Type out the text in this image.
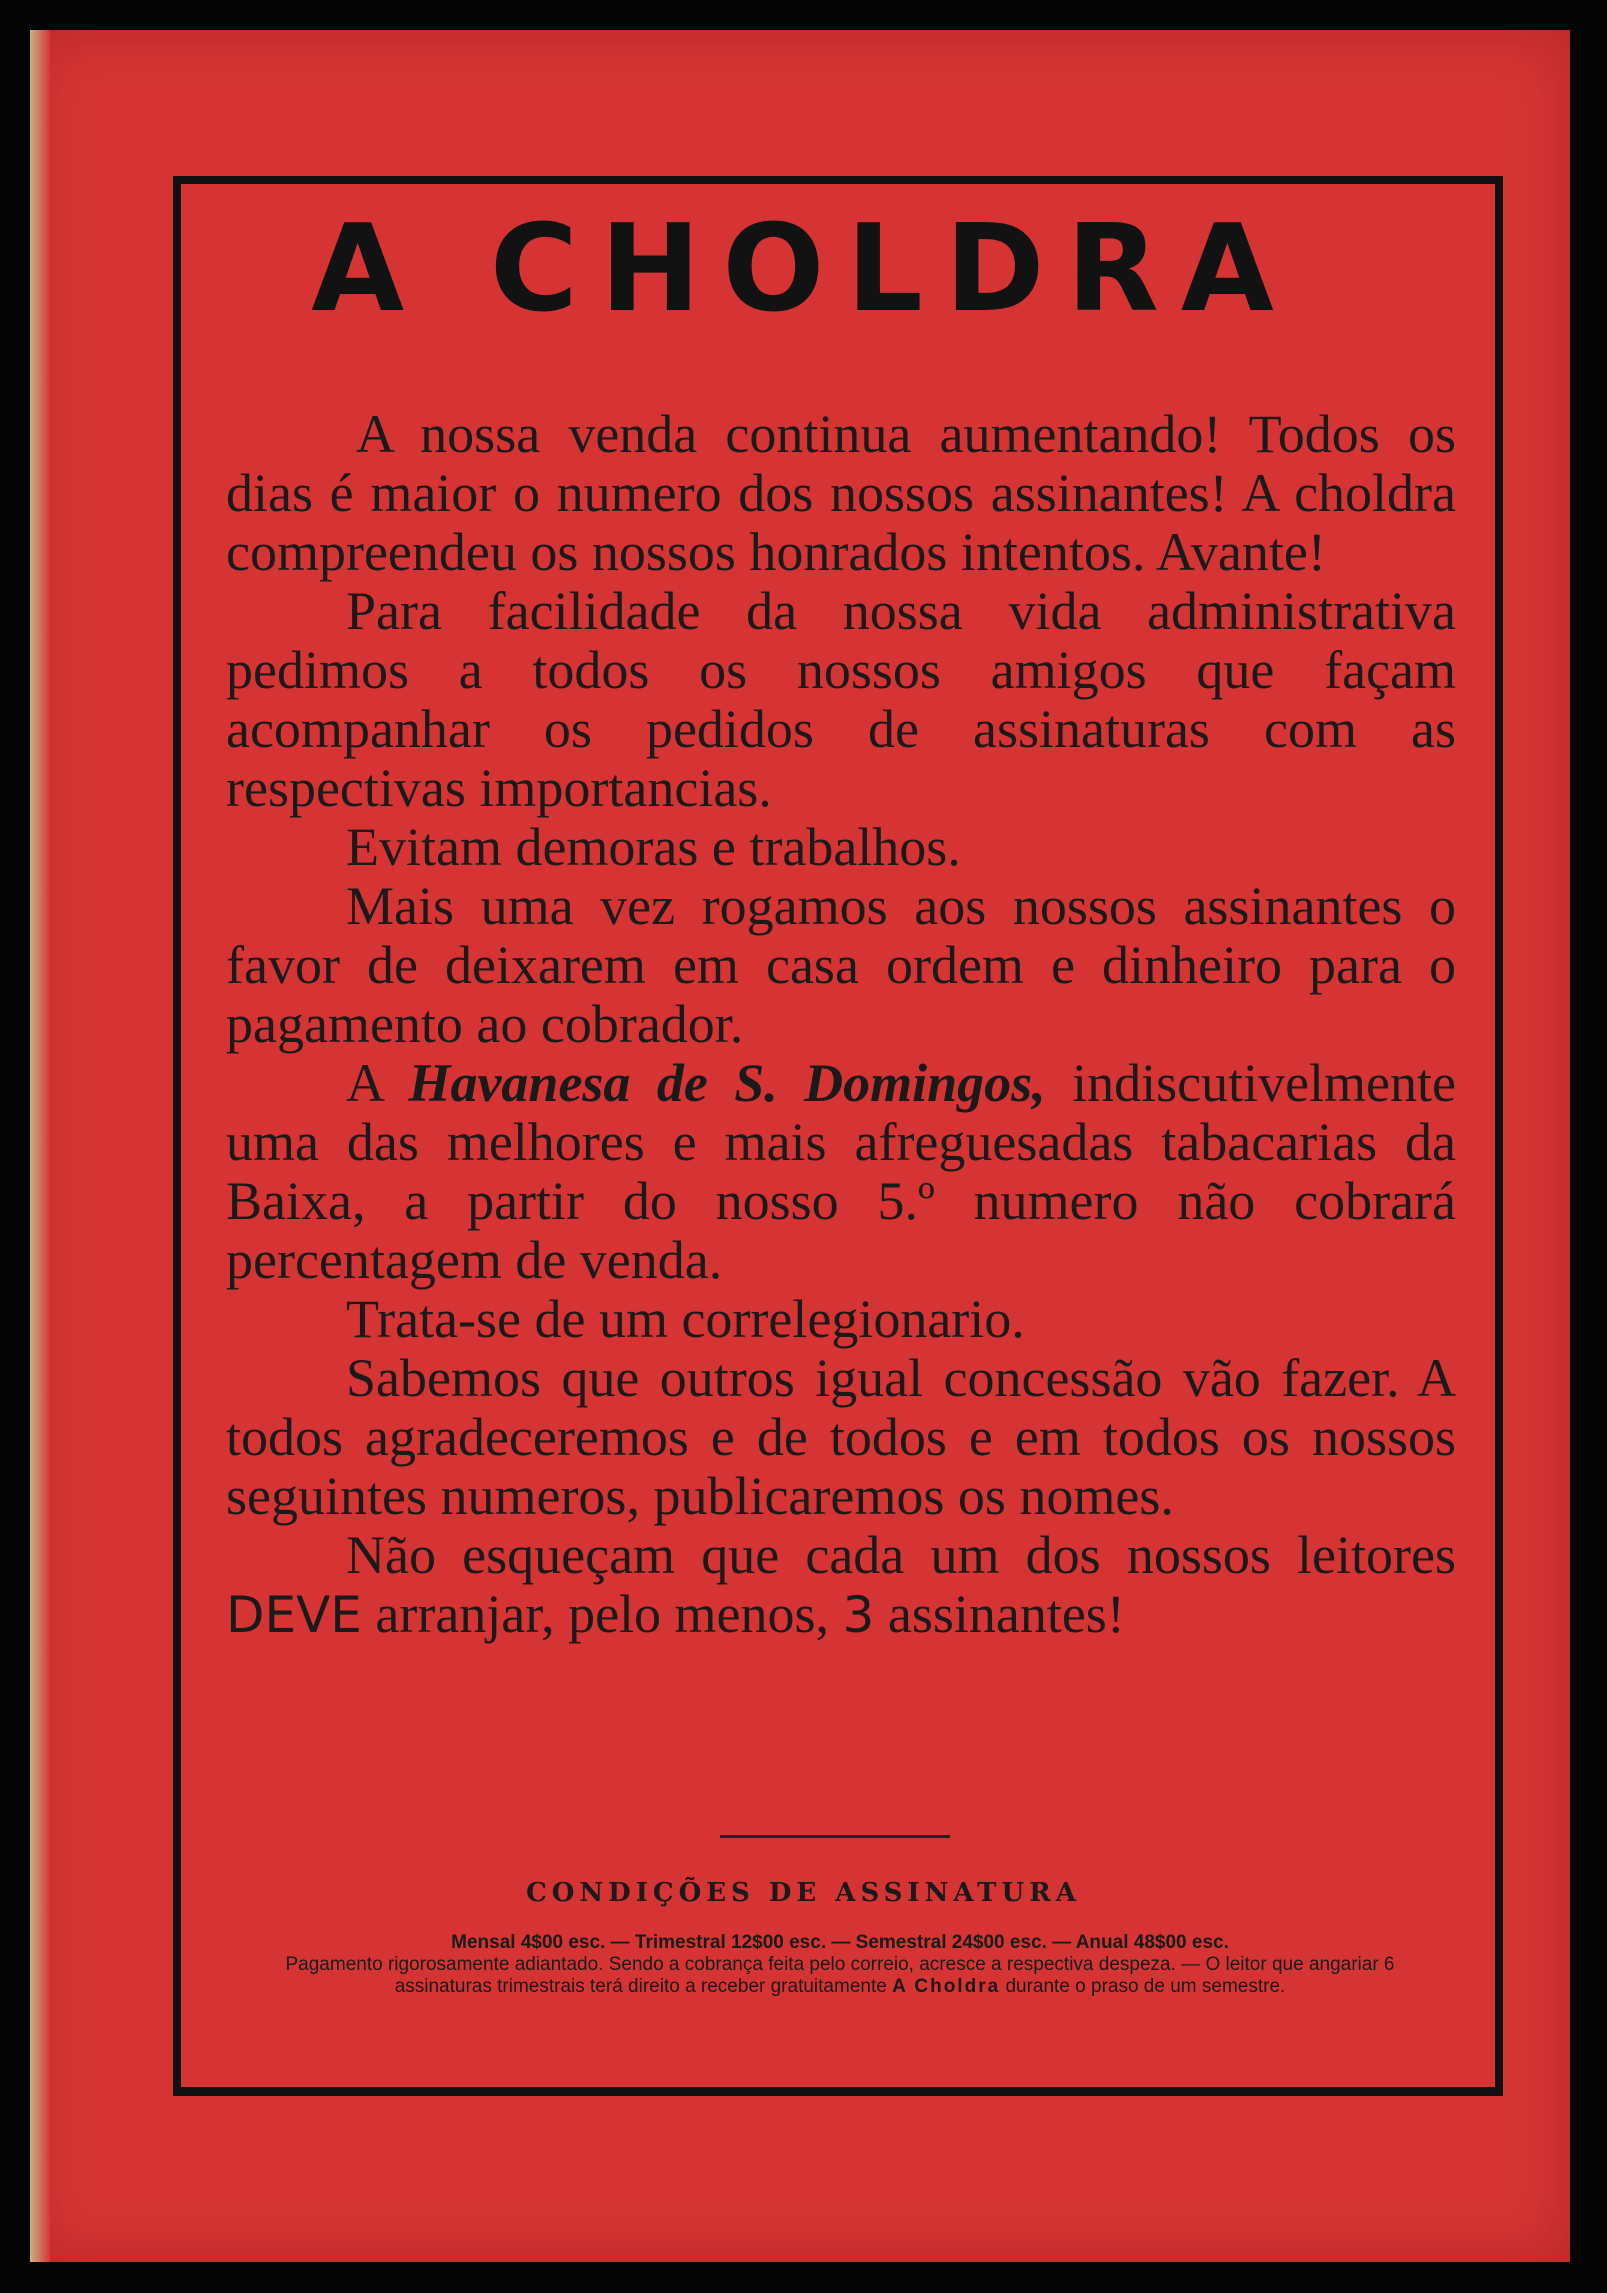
A CHOLDRA

A nossa venda continua aumentando! Todos os dias é maior o numero dos nossos assinantes! A choldra compreendeu os nossos honrados intentos. Avante!

Para facilidade da nossa vida administrativa pedimos a todos os nossos amigos que façam acompanhar os pedidos de assinaturas com as respectivas importancias.

Evitam demoras e trabalhos.

Mais uma vez rogamos aos nossos assinantes o favor de deixarem em casa ordem e dinheiro para o pagamento ao cobrador.

A Havanesa de S. Domingos, indiscutivelmente uma das melhores e mais afreguesadas tabacarias da Baixa, a partir do nosso 5.º numero não cobrará percentagem de venda.

Trata-se de um correlegionario.

Sabemos que outros igual concessão vão fazer. A todos agradeceremos e de todos e em todos os nossos seguintes numeros, publicaremos os nomes.

Não esqueçam que cada um dos nossos leitores DEVE arranjar, pelo menos, 3 assinantes!

CONDIÇÕES DE ASSINATURA
Mensal 4$00 esc. — Trimestral 12$00 esc. — Semestral 24$00 esc. — Anual 48$00 esc.
Pagamento rigorosamente adiantado. Sendo a cobrança feita pelo correio, acresce a respectiva despeza. — O leitor que angariar 6 assinaturas trimestrais terá direito a receber gratuitamente A Choldra durante o praso de um semestre.
